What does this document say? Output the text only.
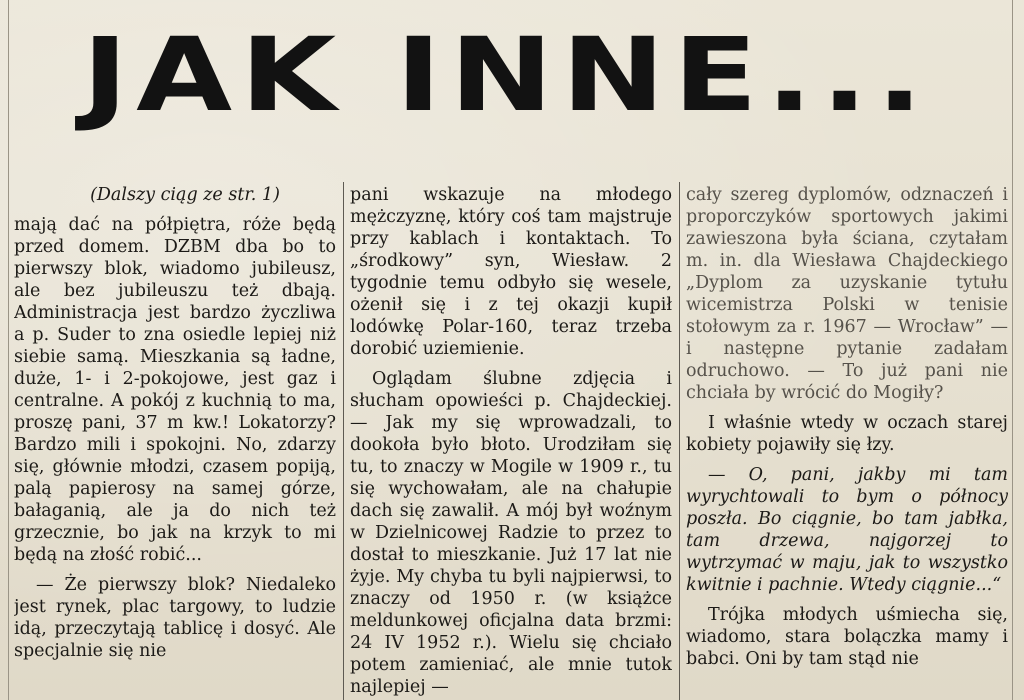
JAK INNE...

(Dalszy ciąg ze str. 1)

mają dać na półpiętra, róże będą przed domem. DZBM dba bo to pierwszy blok, wiadomo jubileusz, ale bez jubileuszu też dbają. Administracja jest bardzo życzliwa a p. Suder to zna osiedle lepiej niż siebie samą. Mieszkania są ładne, duże, 1- i 2-pokojowe, jest gaz i centralne. A pokój z kuchnią to ma, proszę pani, 37 m kw.! Lokatorzy? Bardzo mili i spokojni. No, zdarzy się, głównie młodzi, czasem popiją, palą papierosy na samej górze, bałaganią, ale ja do nich też grzecznie, bo jak na krzyk to mi będą na złość robić...

— Że pierwszy blok? Niedaleko jest rynek, plac targowy, to ludzie idą, przeczytają tablicę i dosyć. Ale specjalnie się nie

pani wskazuje na młodego mężczyznę, który coś tam majstruje przy kablach i kontaktach. To „środkowy” syn, Wiesław. 2 tygodnie temu odbyło się wesele, ożenił się i z tej okazji kupił lodówkę Polar-160, teraz trzeba dorobić uziemienie.

Oglądam ślubne zdjęcia i słucham opowieści p. Chajdeckiej. — Jak my się wprowadzali, to dookoła było błoto. Urodziłam się tu, to znaczy w Mogile w 1909 r., tu się wychowałam, ale na chałupie dach się zawalił. A mój był woźnym w Dzielnicowej Radzie to przez to dostał to mieszkanie. Już 17 lat nie żyje. My chyba tu byli najpierwsi, to znaczy od 1950 r. (w książce meldunkowej oficjalna data brzmi: 24 IV 1952 r.). Wielu się chciało potem zamieniać, ale mnie tutok najlepiej —

cały szereg dyplomów, odznaczeń i proporczyków sportowych jakimi zawieszona była ściana, czytałam m. in. dla Wiesława Chajdeckiego „Dyplom za uzyskanie tytułu wicemistrza Polski w tenisie stołowym za r. 1967 — Wrocław” — i następne pytanie zadałam odruchowo. — To już pani nie chciała by wrócić do Mogiły?

I właśnie wtedy w oczach starej kobiety pojawiły się łzy.

— O, pani, jakby mi tam wyrychtowali to bym o północy poszła. Bo ciągnie, bo tam jabłka, tam drzewa, najgorzej to wytrzymać w maju, jak to wszystko kwitnie i pachnie. Wtedy ciągnie...“

Trójka młodych uśmiecha się, wiadomo, stara bolączka mamy i babci. Oni by tam stąd nie
